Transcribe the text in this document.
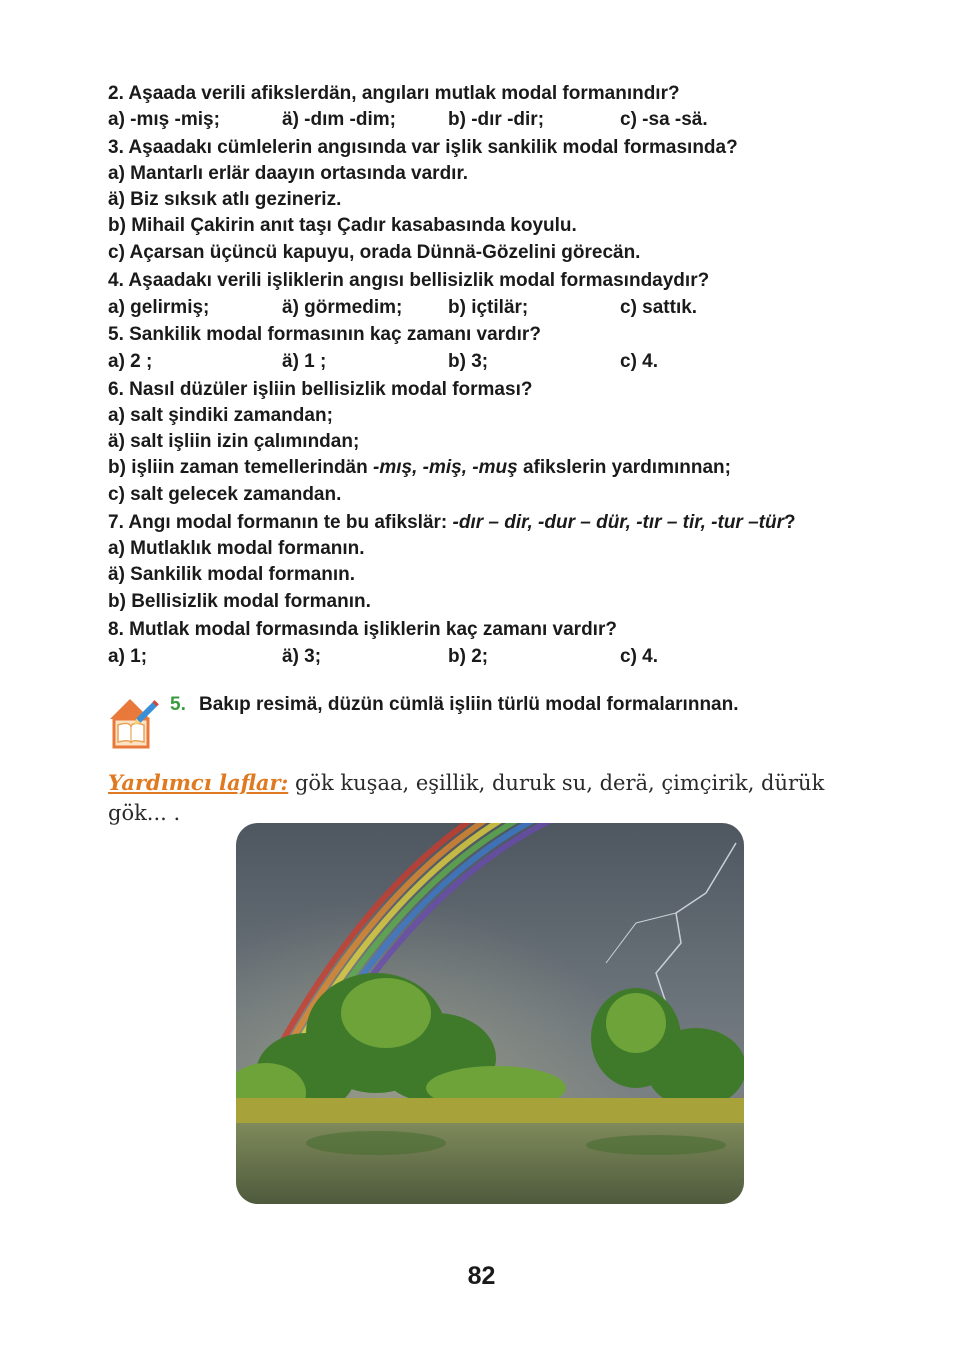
2. Aşaada verili afikslerdän, angıları mutlak modal formanındır?
a) -mış -miş;	ä) -dım -dim;	b) -dır -dir;	c) -sa -sä.
3. Aşaadakı cümlelerin angısında var işlik sankilik modal formasında?
a) Mantarlı erlär daayın ortasında vardır.
ä) Biz sıksık atlı gezineriz.
b) Mihail Çakirin anıt taşı Çadır kasabasında koyulu.
c) Açarsan üçüncü kapuyu, orada Dünnä-Gözelini görecän.
4. Aşaadakı verili işliklerin angısı bellisizlik modal formasındaydır?
a) gelirmiş;	ä) görmedim; b) içtilär;	c) sattık.
5. Sankilik modal formasının kaç zamanı vardır?
a) 2 ;	ä) 1 ;	b) 3;	c) 4.
6. Nasıl düzüler işliin bellisizlik modal forması?
a) salt şindiki zamandan;
ä) salt işliin izin çalımından;
b) işliin zaman temellerindän -mış, -miş, -muş afikslerin yardımınnan;
c) salt gelecek zamandan.
7. Angı modal formanın te bu afikslär: -dır – dir, -dur – dür, -tır – tir, -tur –tür?
a) Mutlaklık modal formanın.
ä) Sankilik modal formanın.
b) Bellisizlik modal formanın.
8. Mutlak modal formasında işliklerin kaç zamanı vardır?
a) 1;	ä) 3;	b) 2;	c) 4.
5. Bakıp resimä, düzün cümlä işliin türlü modal formalarınnan.
Yardımcı laflar: gök kuşaa, eşillik, duruk su, derä, çimçirik, dürük gök... .
82
